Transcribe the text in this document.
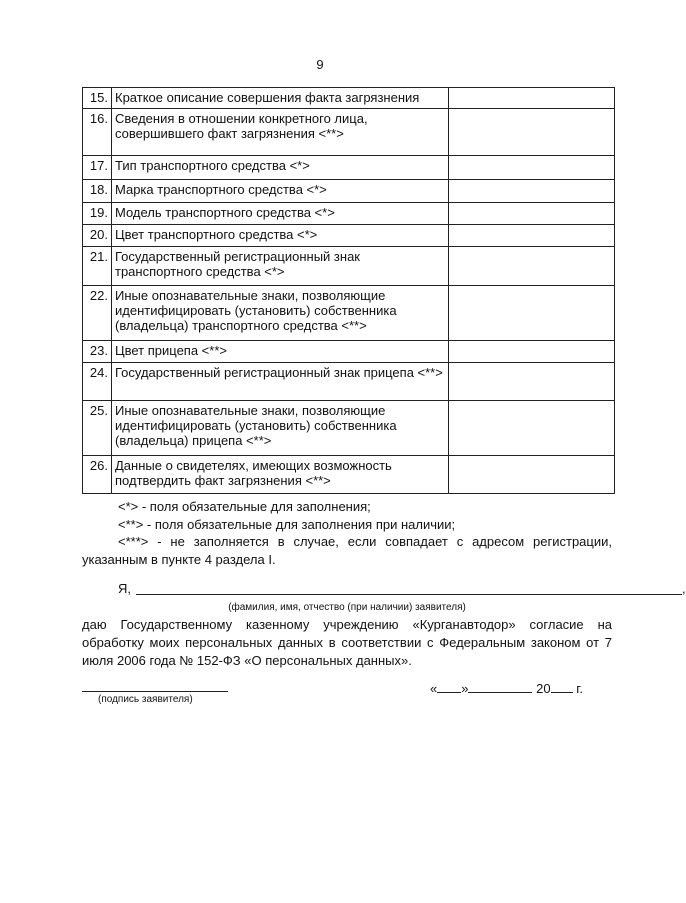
9
15.	Краткое описание совершения факта загрязнения	
16.	Сведения в отношении конкретного лица, совершившего факт загрязнения <**>	
17.	Тип транспортного средства <*>	
18.	Марка транспортного средства <*>	
19.	Модель транспортного средства <*>	
20.	Цвет транспортного средства <*>	
21.	Государственный регистрационный знак транспортного средства <*>	
22.	Иные опознавательные знаки, позволяющие идентифицировать (установить) собственника (владельца) транспортного средства <**>	
23.	Цвет прицепа <**>	
24.	Государственный регистрационный знак прицепа <**>	
25.	Иные опознавательные знаки, позволяющие идентифицировать (установить) собственника (владельца) прицепа <**>	
26.	Данные о свидетелях, имеющих возможность подтвердить факт загрязнения <**>	
<*> - поля обязательные для заполнения;
<**> - поля обязательные для заполнения при наличии;
<***> - не заполняется в случае, если совпадает с адресом регистрации, указанным в пункте 4 раздела I.
Я,	,
(фамилия, имя, отчество (при наличии) заявителя)
даю Государственному казенному учреждению «Курганавтодор» согласие на обработку моих персональных данных в соответствии с Федеральным законом от 7 июля 2006 года № 152-ФЗ «О персональных данных».
(подпись заявителя)
« »	20 г.
